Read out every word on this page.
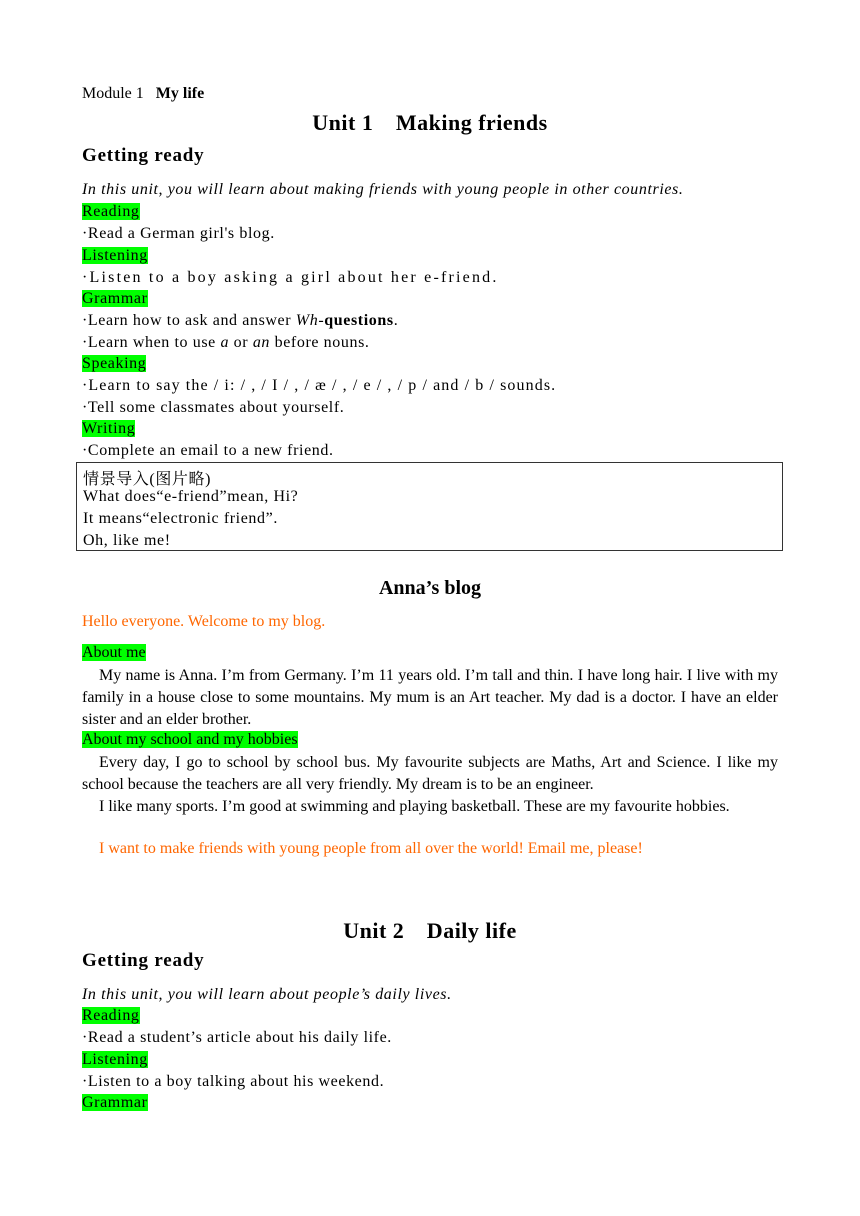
Module 1 My life
Unit 1　Making friends
Getting ready
In this unit, you will learn about making friends with young people in other countries.
Reading
·Read a German girl's blog.
Listening
·Listen to a boy asking a girl about her e-friend.
Grammar
·Learn how to ask and answer Wh-questions.
·Learn when to use a or an before nouns.
Speaking
·Learn to say the / i: / , / I / , / æ / , / e / , / p / and / b / sounds.
·Tell some classmates about yourself.
Writing
·Complete an email to a new friend.
情景导入(图片略)
What does“e-friend”mean, Hi?
It means“electronic friend”.
Oh, like me!
Anna’s blog
Hello everyone. Welcome to my blog.
About me
My name is Anna. I’m from Germany. I’m 11 years old. I’m tall and thin. I have long hair. I live with my family in a house close to some mountains. My mum is an Art teacher. My dad is a doctor. I have an elder sister and an elder brother.
About my school and my hobbies
Every day, I go to school by school bus. My favourite subjects are Maths, Art and Science. I like my school because the teachers are all very friendly. My dream is to be an engineer.
I like many sports. I’m good at swimming and playing basketball. These are my favourite hobbies.
I want to make friends with young people from all over the world! Email me, please!
Unit 2　Daily life
Getting ready
In this unit, you will learn about people’s daily lives.
Reading
·Read a student’s article about his daily life.
Listening
·Listen to a boy talking about his weekend.
Grammar
